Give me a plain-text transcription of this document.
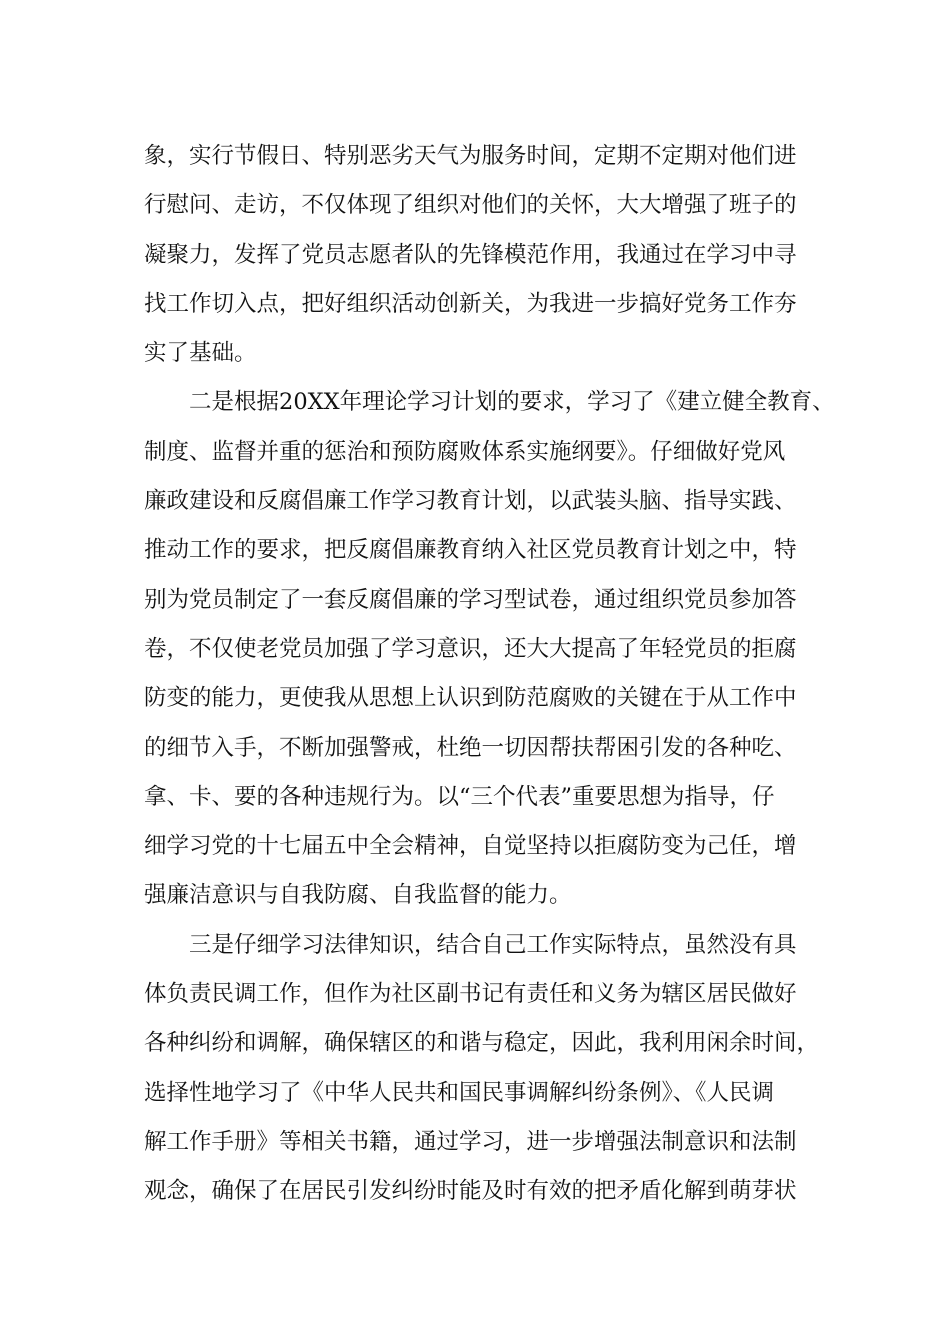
象，实行节假日、特别恶劣天气为服务时间，定期不定期对他们进
行慰问、走访，不仅体现了组织对他们的关怀，大大增强了班子的
凝聚力，发挥了党员志愿者队的先锋模范作用，我通过在学习中寻
找工作切入点，把好组织活动创新关，为我进一步搞好党务工作夯
实了基础。
　　二是根据20XX年理论学习计划的要求，学习了《建立健全教育、
制度、监督并重的惩治和预防腐败体系实施纲要》。仔细做好党风
廉政建设和反腐倡廉工作学习教育计划，以武装头脑、指导实践、
推动工作的要求，把反腐倡廉教育纳入社区党员教育计划之中，特
别为党员制定了一套反腐倡廉的学习型试卷，通过组织党员参加答
卷，不仅使老党员加强了学习意识，还大大提高了年轻党员的拒腐
防变的能力，更使我从思想上认识到防范腐败的关键在于从工作中
的细节入手，不断加强警戒，杜绝一切因帮扶帮困引发的各种吃、
拿、卡、要的各种违规行为。以“三个代表”重要思想为指导，仔
细学习党的十七届五中全会精神，自觉坚持以拒腐防变为己任，增
强廉洁意识与自我防腐、自我监督的能力。
　　三是仔细学习法律知识，结合自己工作实际特点，虽然没有具
体负责民调工作，但作为社区副书记有责任和义务为辖区居民做好
各种纠纷和调解，确保辖区的和谐与稳定，因此，我利用闲余时间，
选择性地学习了《中华人民共和国民事调解纠纷条例》、《人民调
解工作手册》等相关书籍，通过学习，进一步增强法制意识和法制
观念，确保了在居民引发纠纷时能及时有效的把矛盾化解到萌芽状
